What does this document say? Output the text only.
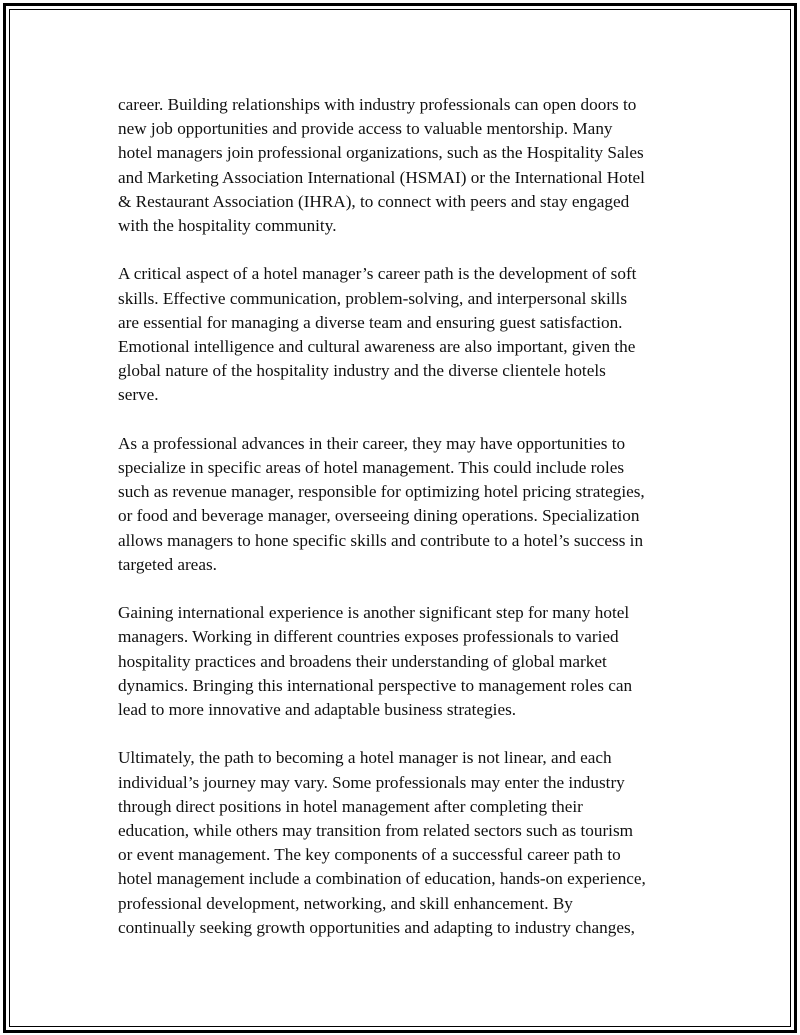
career. Building relationships with industry professionals can open doors to
new job opportunities and provide access to valuable mentorship. Many
hotel managers join professional organizations, such as the Hospitality Sales
and Marketing Association International (HSMAI) or the International Hotel
& Restaurant Association (IHRA), to connect with peers and stay engaged
with the hospitality community.

A critical aspect of a hotel manager’s career path is the development of soft
skills. Effective communication, problem-solving, and interpersonal skills
are essential for managing a diverse team and ensuring guest satisfaction.
Emotional intelligence and cultural awareness are also important, given the
global nature of the hospitality industry and the diverse clientele hotels
serve.

As a professional advances in their career, they may have opportunities to
specialize in specific areas of hotel management. This could include roles
such as revenue manager, responsible for optimizing hotel pricing strategies,
or food and beverage manager, overseeing dining operations. Specialization
allows managers to hone specific skills and contribute to a hotel’s success in
targeted areas.

Gaining international experience is another significant step for many hotel
managers. Working in different countries exposes professionals to varied
hospitality practices and broadens their understanding of global market
dynamics. Bringing this international perspective to management roles can
lead to more innovative and adaptable business strategies.

Ultimately, the path to becoming a hotel manager is not linear, and each
individual’s journey may vary. Some professionals may enter the industry
through direct positions in hotel management after completing their
education, while others may transition from related sectors such as tourism
or event management. The key components of a successful career path to
hotel management include a combination of education, hands-on experience,
professional development, networking, and skill enhancement. By
continually seeking growth opportunities and adapting to industry changes,
